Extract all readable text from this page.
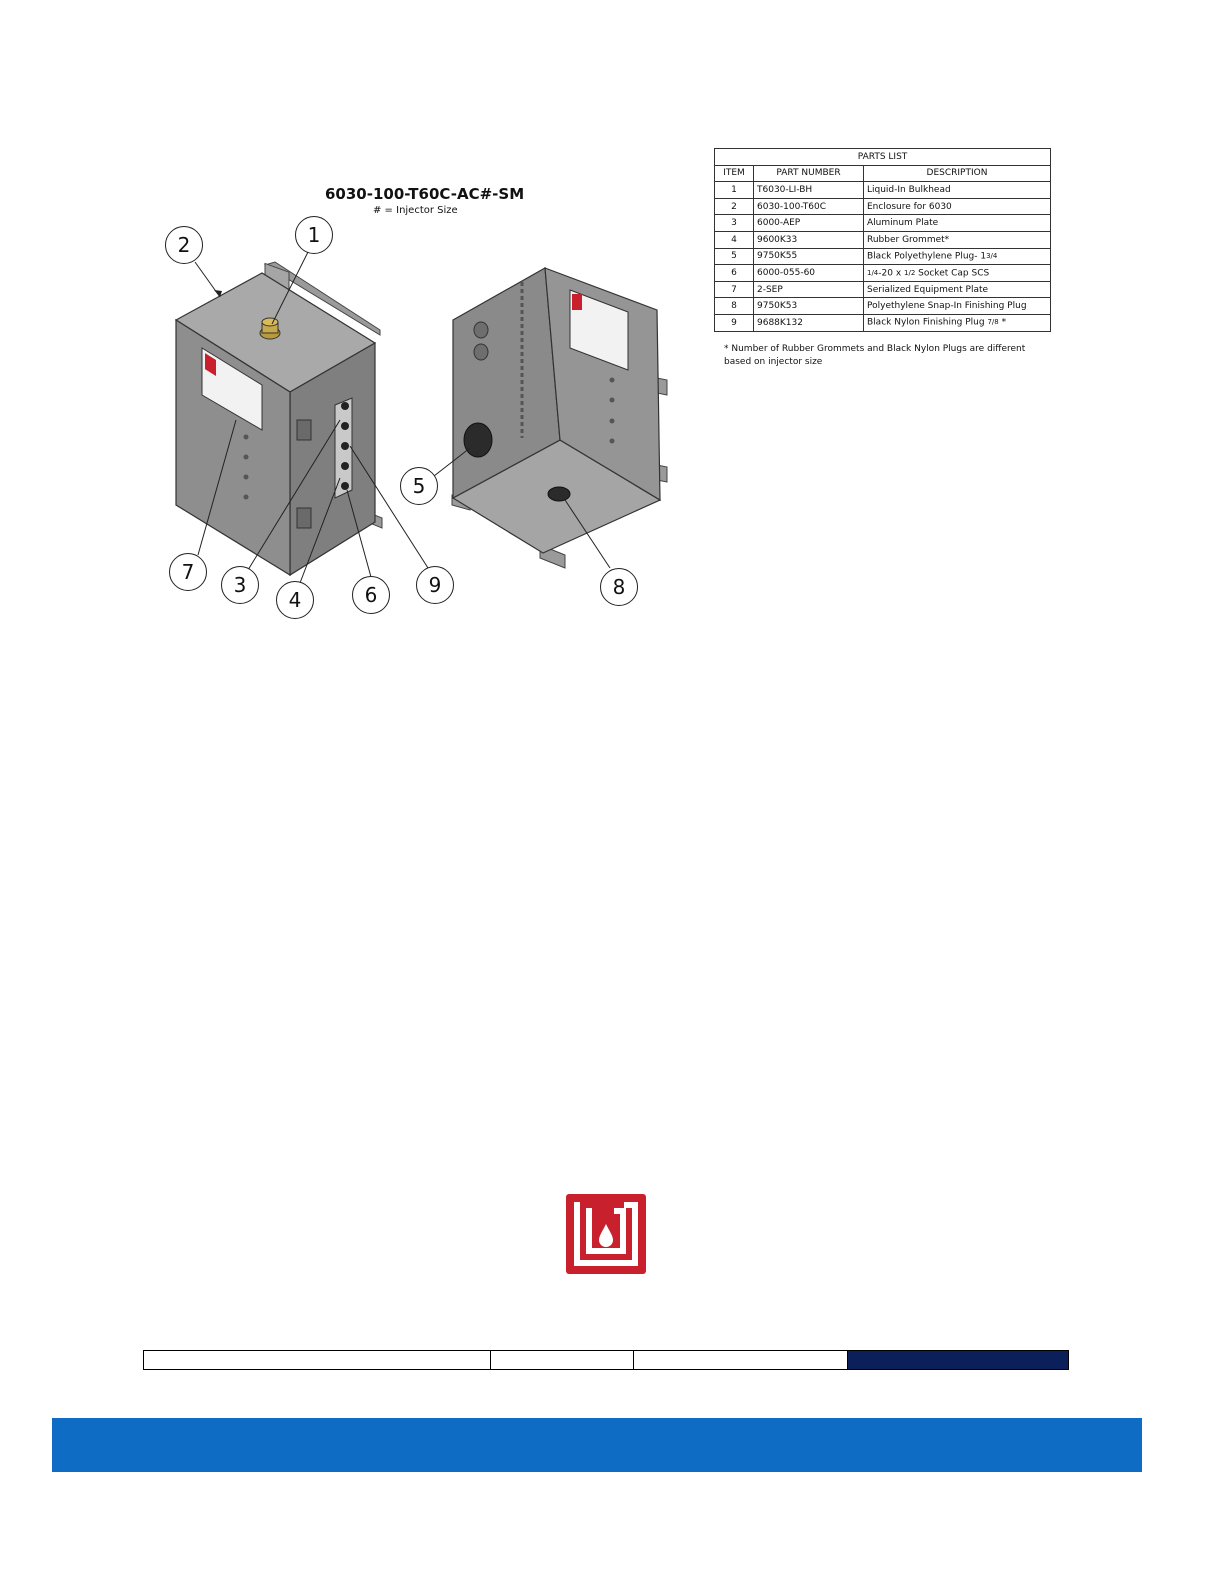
6030-100-T60C-AC#-SM
# = Injector Size
1
2
3
4
5
6
7
8
9
PARTS LIST		
ITEM	PART NUMBER	DESCRIPTION
1	T6030-LI-BH	Liquid-In Bulkhead
2	6030-100-T60C	Enclosure for 6030
3	6000-AEP	Aluminum Plate
4	9600K33	Rubber Grommet*
5	9750K55	Black Polyethylene Plug- 13/4
6	6000-055-60	1/4-20 x 1/2 Socket Cap SCS
7	2-SEP	Serialized Equipment Plate
8	9750K53	Polyethylene Snap-In Finishing Plug
9	9688K132	Black Nylon Finishing Plug 7/8 *
* Number of Rubber Grommets and Black Nylon Plugs are different based on injector size
